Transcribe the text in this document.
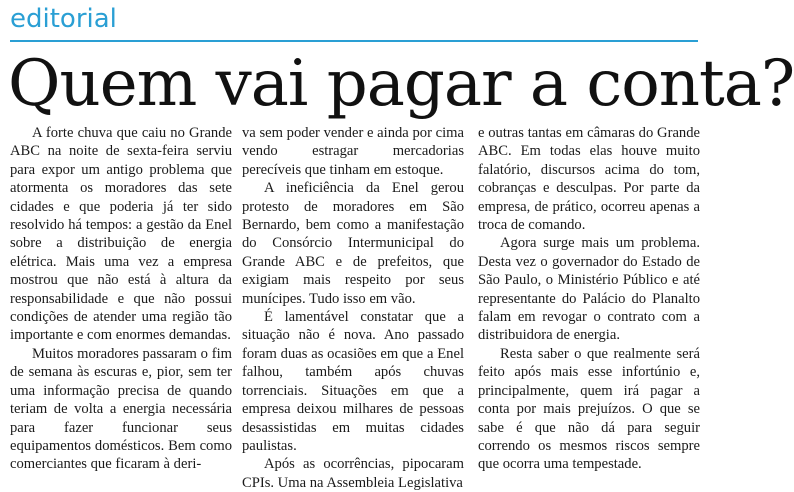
editorial
Quem vai pagar a conta?

A forte chuva que caiu no Grande ABC na noite de sexta-feira serviu para expor um antigo problema que atormenta os moradores das sete cidades e que poderia já ter sido resolvido há tempos: a gestão da Enel sobre a distribuição de energia elétrica. Mais uma vez a empresa mostrou que não está à altura da responsabilidade e que não possui condições de atender uma região tão importante e com enormes demandas.

Muitos moradores passaram o fim de semana às escuras e, pior, sem ter uma informação precisa de quando teriam de volta a energia necessária para fazer funcionar seus equipamentos domésticos. Bem como comerciantes que ficaram à deri-

va sem poder vender e ainda por cima vendo estragar mercadorias perecíveis que tinham em estoque.

A ineficiência da Enel gerou protesto de moradores em São Bernardo, bem como a manifestação do Consórcio Intermunicipal do Grande ABC e de prefeitos, que exigiam mais respeito por seus munícipes. Tudo isso em vão.

É lamentável constatar que a situação não é nova. Ano passado foram duas as ocasiões em que a Enel falhou, também após chuvas torrenciais. Situações em que a empresa deixou milhares de pessoas desassistidas em muitas cidades paulistas.

Após as ocorrências, pipocaram CPIs. Uma na Assembleia Legislativa

e outras tantas em câmaras do Grande ABC. Em todas elas houve muito falatório, discursos acima do tom, cobranças e desculpas. Por parte da empresa, de prático, ocorreu apenas a troca de comando.

Agora surge mais um problema. Desta vez o governador do Estado de São Paulo, o Ministério Público e até representante do Palácio do Planalto falam em revogar o contrato com a distribuidora de energia.

Resta saber o que realmente será feito após mais esse infortúnio e, principalmente, quem irá pagar a conta por mais prejuízos. O que se sabe é que não dá para seguir correndo os mesmos riscos sempre que ocorra uma tempestade.
